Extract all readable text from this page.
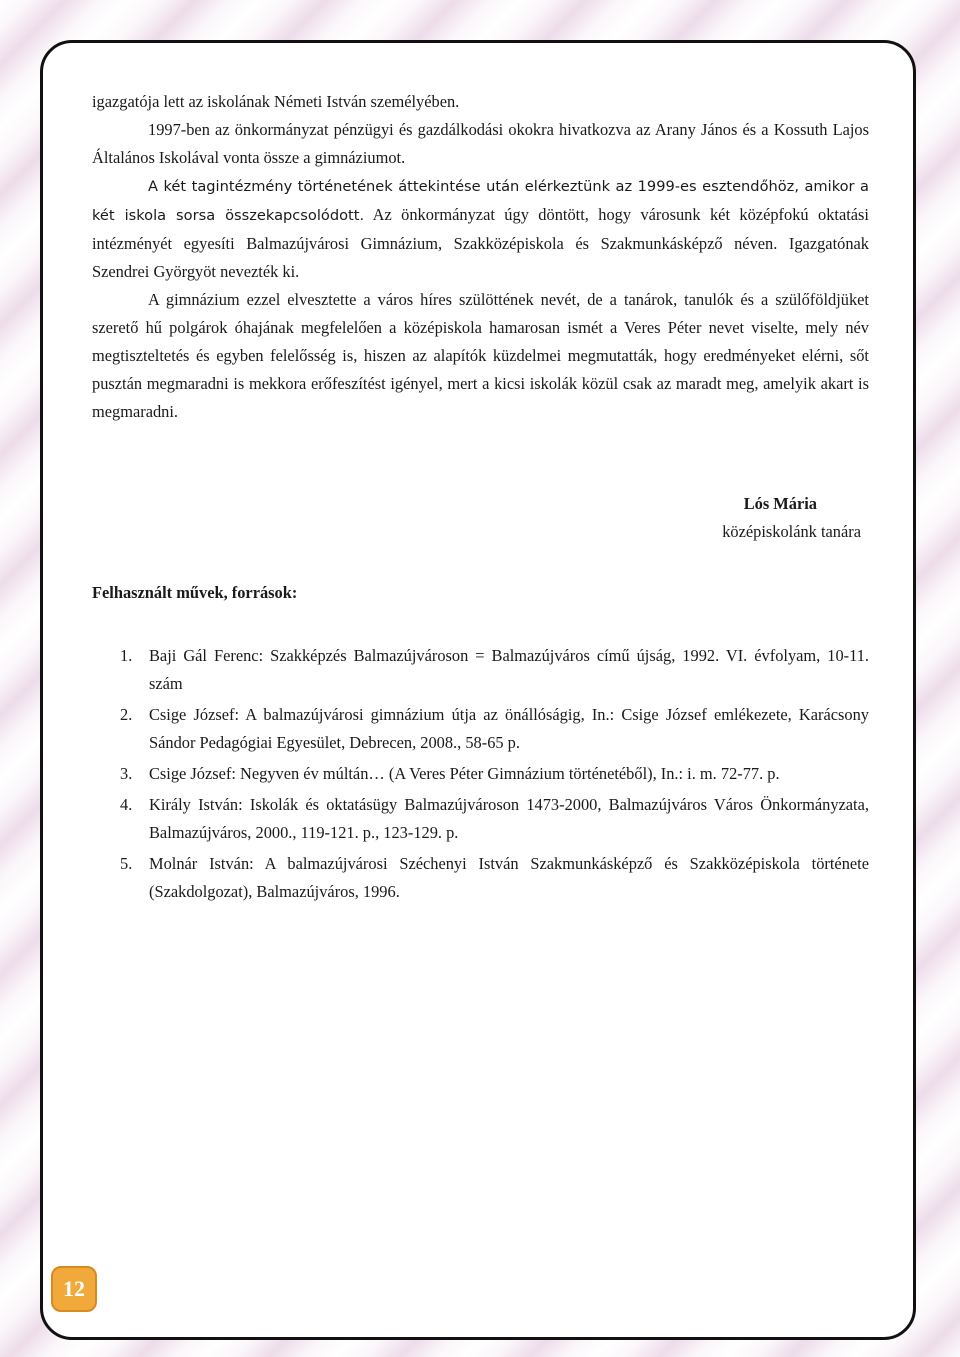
igazgatója lett az iskolának Németi István személyében.

1997-ben az önkormányzat pénzügyi és gazdálkodási okokra hivatkozva az Arany János és a Kossuth Lajos Általános Iskolával vonta össze a gimnáziumot.

A két tagintézmény történetének áttekintése után elérkeztünk az 1999-es esztendőhöz, amikor a két iskola sorsa összekapcsolódott. Az önkormányzat úgy döntött, hogy városunk két középfokú oktatási intézményét egyesíti Balmazújvárosi Gimnázium, Szakközépiskola és Szakmunkásképző néven. Igazgatónak Szendrei Györgyöt nevezték ki.

A gimnázium ezzel elvesztette a város híres szülöttének nevét, de a tanárok, tanulók és a szülőföldjüket szerető hű polgárok óhajának megfelelően a középiskola hamarosan ismét a Veres Péter nevet viselte, mely név megtiszteltetés és egyben felelősség is, hiszen az alapítók küzdelmei megmutatták, hogy eredményeket elérni, sőt pusztán megmaradni is mekkora erőfeszítést igényel, mert a kicsi iskolák közül csak az maradt meg, amelyik akart is megmaradni.

Lós Mária
középiskolánk tanára

Felhasznált művek, források:

1. Baji Gál Ferenc: Szakképzés Balmazújvároson = Balmazújváros című újság, 1992. VI. évfolyam, 10-11. szám
2. Csige József: A balmazújvárosi gimnázium útja az önállóságig, In.: Csige József emlékezete, Karácsony Sándor Pedagógiai Egyesület, Debrecen, 2008., 58-65 p.
3. Csige József: Negyven év múltán… (A Veres Péter Gimnázium történetéből), In.: i. m. 72-77. p.
4. Király István: Iskolák és oktatásügy Balmazújvároson 1473-2000, Balmazújváros Város Önkormányzata, Balmazújváros, 2000., 119-121. p., 123-129. p.
5. Molnár István: A balmazújvárosi Széchenyi István Szakmunkásképző és Szakközépiskola története (Szakdolgozat), Balmazújváros, 1996.
12
